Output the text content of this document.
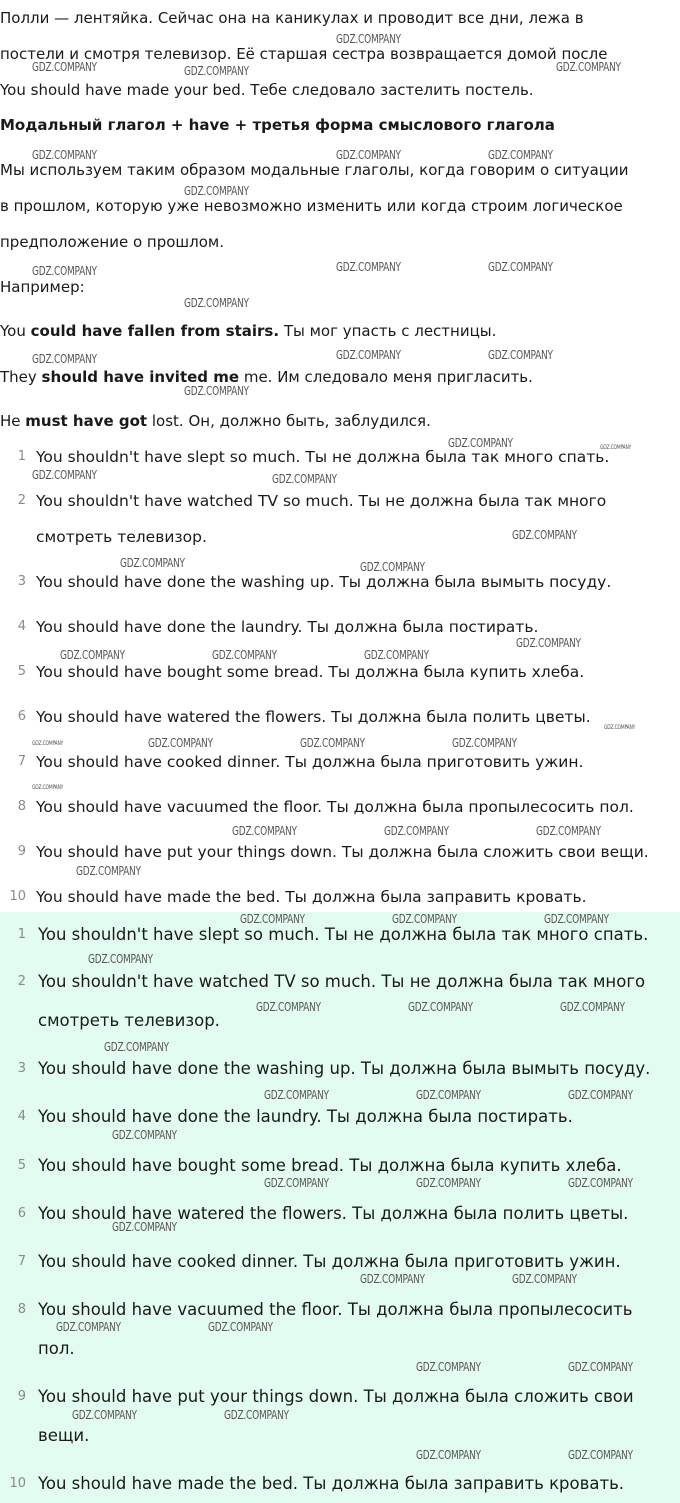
Полли — лентяйка. Сейчас она на каникулах и проводит все дни, лежа в
постели и смотря телевизор. Её старшая сестра возвращается домой после
You should have made your bed. Тебе следовало застелить постель.
Модальный глагол + have + третья форма смыслового глагола
Мы используем таким образом модальные глаголы, когда говорим о ситуации
в прошлом, которую уже невозможно изменить или когда строим логическое
предположение о прошлом.
Например:
You could have fallen from stairs. Ты мог упасть с лестницы.
They should have invited me me. Им следовало меня пригласить.
He must have got lost. Он, должно быть, заблудился.
1 You shouldn't have slept so much. Ты не должна была так много спать.
2 You shouldn't have watched TV so much. Ты не должна была так много
смотреть телевизор.
3 You should have done the washing up. Ты должна была вымыть посуду.
4 You should have done the laundry. Ты должна была постирать.
5 You should have bought some bread. Ты должна была купить хлеба.
6 You should have watered the flowers. Ты должна была полить цветы.
7 You should have cooked dinner. Ты должна была приготовить ужин.
8 You should have vacuumed the floor. Ты должна была пропылесосить пол.
9 You should have put your things down. Ты должна была сложить свои вещи.
10 You should have made the bed. Ты должна была заправить кровать.
1 You shouldn't have slept so much. Ты не должна была так много спать.
2 You shouldn't have watched TV so much. Ты не должна была так много
смотреть телевизор.
3 You should have done the washing up. Ты должна была вымыть посуду.
4 You should have done the laundry. Ты должна была постирать.
5 You should have bought some bread. Ты должна была купить хлеба.
6 You should have watered the flowers. Ты должна была полить цветы.
7 You should have cooked dinner. Ты должна была приготовить ужин.
8 You should have vacuumed the floor. Ты должна была пропылесосить
пол.
9 You should have put your things down. Ты должна была сложить свои
вещи.
10 You should have made the bed. Ты должна была заправить кровать.
GDZ.COMPANY
GDZ.COMPANY	GDZ.COMPANY	GDZ.COMPANY
GDZ.COMPANY	GDZ.COMPANY	GDZ.COMPANY
GDZ.COMPANY
GDZ.COMPANY	GDZ.COMPANY	GDZ.COMPANY
GDZ.COMPANY
GDZ.COMPANY	GDZ.COMPANY	GDZ.COMPANY
GDZ.COMPANY
GDZ.COMPANY	GDZ.COMPANY
GDZ.COMPANY	GDZ.COMPANY
GDZ.COMPANY
GDZ.COMPANY	GDZ.COMPANY
GDZ.COMPANY
GDZ.COMPANY	GDZ.COMPANY	GDZ.COMPANY
GDZ.COMPANY
GDZ.COMPANY	GDZ.COMPANY	GDZ.COMPANY	GDZ.COMPANY
GDZ.COMPANY
GDZ.COMPANY	GDZ.COMPANY	GDZ.COMPANY
GDZ.COMPANY
GDZ.COMPANY	GDZ.COMPANY	GDZ.COMPANY
GDZ.COMPANY
GDZ.COMPANY	GDZ.COMPANY	GDZ.COMPANY
GDZ.COMPANY
GDZ.COMPANY	GDZ.COMPANY	GDZ.COMPANY
GDZ.COMPANY
GDZ.COMPANY	GDZ.COMPANY	GDZ.COMPANY
GDZ.COMPANY
GDZ.COMPANY	GDZ.COMPANY
GDZ.COMPANY	GDZ.COMPANY
GDZ.COMPANY	GDZ.COMPANY
GDZ.COMPANY	GDZ.COMPANY
GDZ.COMPANY	GDZ.COMPANY
